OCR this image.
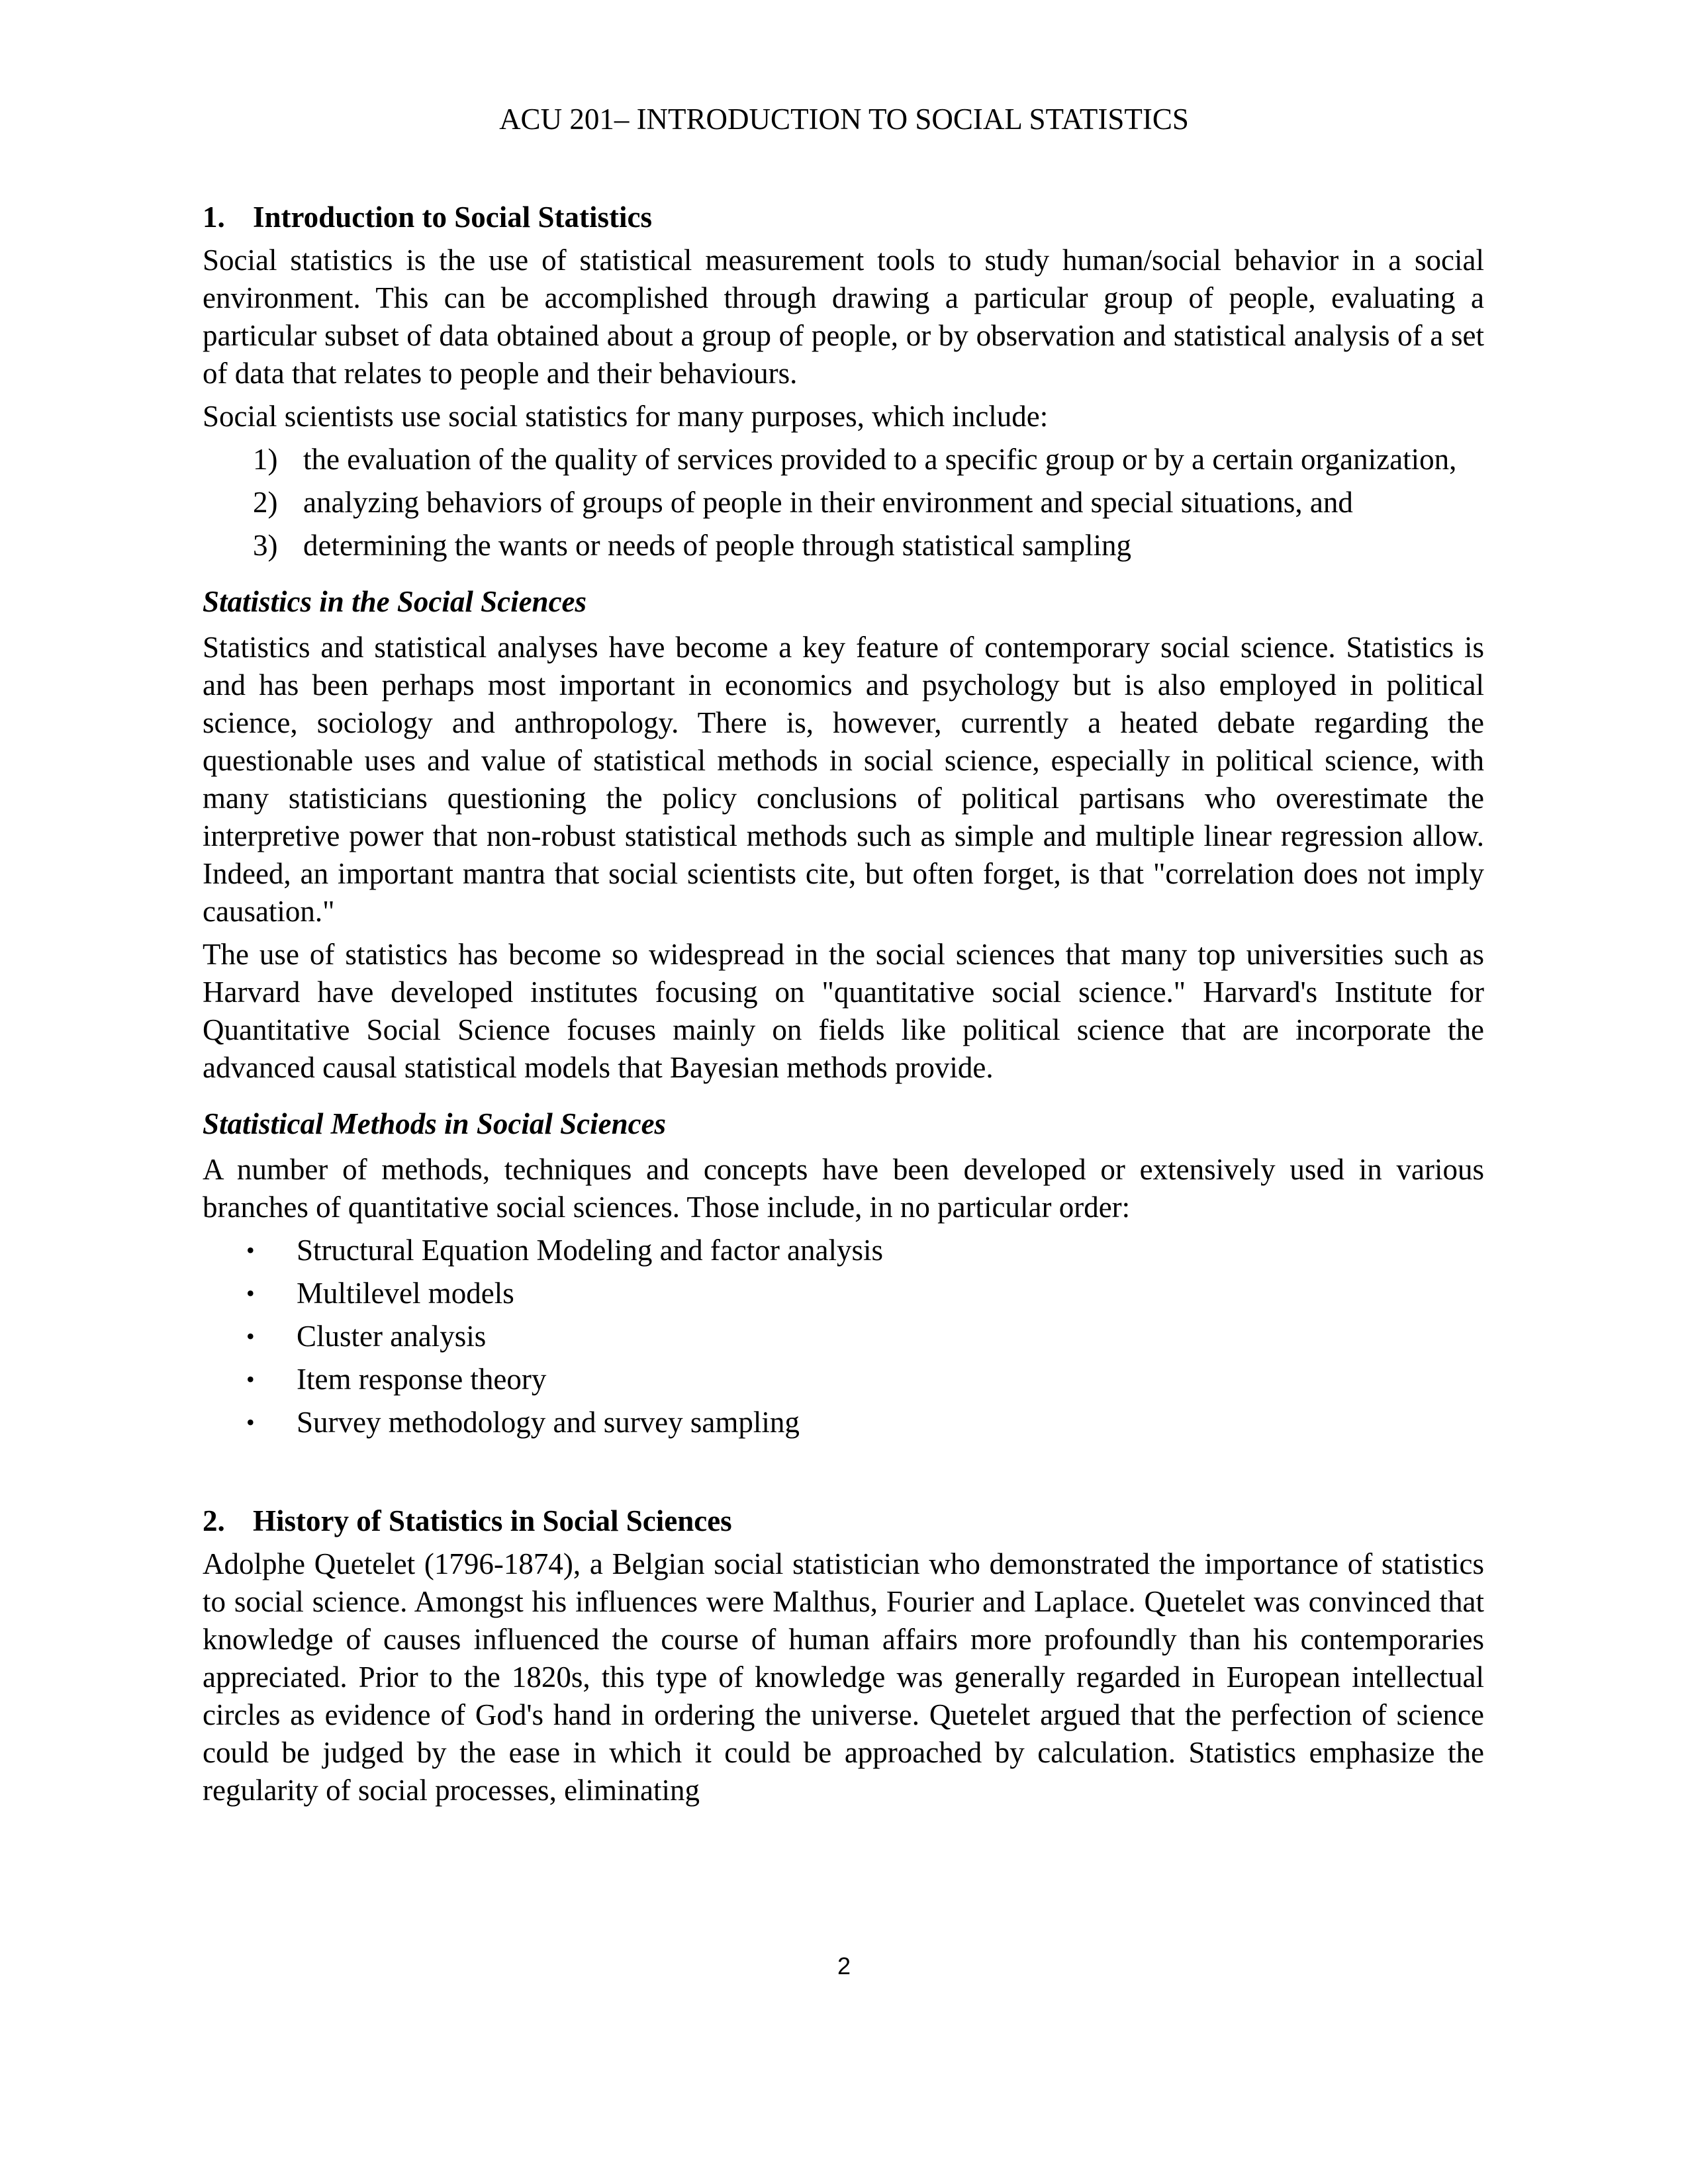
ACU 201– INTRODUCTION TO SOCIAL STATISTICS
1. Introduction to Social Statistics

Social statistics is the use of statistical measurement tools to study human/social behavior in a social environment. This can be accomplished through drawing a particular group of people, evaluating a particular subset of data obtained about a group of people, or by observation and statistical analysis of a set of data that relates to people and their behaviours.

Social scientists use social statistics for many purposes, which include:

1) the evaluation of the quality of services provided to a specific group or by a certain organization,
2) analyzing behaviors of groups of people in their environment and special situations, and
3) determining the wants or needs of people through statistical sampling
Statistics in the Social Sciences

Statistics and statistical analyses have become a key feature of contemporary social science. Statistics is and has been perhaps most important in economics and psychology but is also employed in political science, sociology and anthropology. There is, however, currently a heated debate regarding the questionable uses and value of statistical methods in social science, especially in political science, with many statisticians questioning the policy conclusions of political partisans who overestimate the interpretive power that non-robust statistical methods such as simple and multiple linear regression allow. Indeed, an important mantra that social scientists cite, but often forget, is that "correlation does not imply causation."

The use of statistics has become so widespread in the social sciences that many top universities such as Harvard have developed institutes focusing on "quantitative social science." Harvard's Institute for Quantitative Social Science focuses mainly on fields like political science that are incorporate the advanced causal statistical models that Bayesian methods provide.

Statistical Methods in Social Sciences

A number of methods, techniques and concepts have been developed or extensively used in various branches of quantitative social sciences. Those include, in no particular order:

•	Structural Equation Modeling and factor analysis
•	Multilevel models
•	Cluster analysis
•	Item response theory
•	Survey methodology and survey sampling
2. History of Statistics in Social Sciences

Adolphe Quetelet (1796-1874), a Belgian social statistician who demonstrated the importance of statistics to social science. Amongst his influences were Malthus, Fourier and Laplace. Quetelet was convinced that knowledge of causes influenced the course of human affairs more profoundly than his contemporaries appreciated. Prior to the 1820s, this type of knowledge was generally regarded in European intellectual circles as evidence of God's hand in ordering the universe. Quetelet argued that the perfection of science could be judged by the ease in which it could be approached by calculation. Statistics emphasize the regularity of social processes, eliminating

2
